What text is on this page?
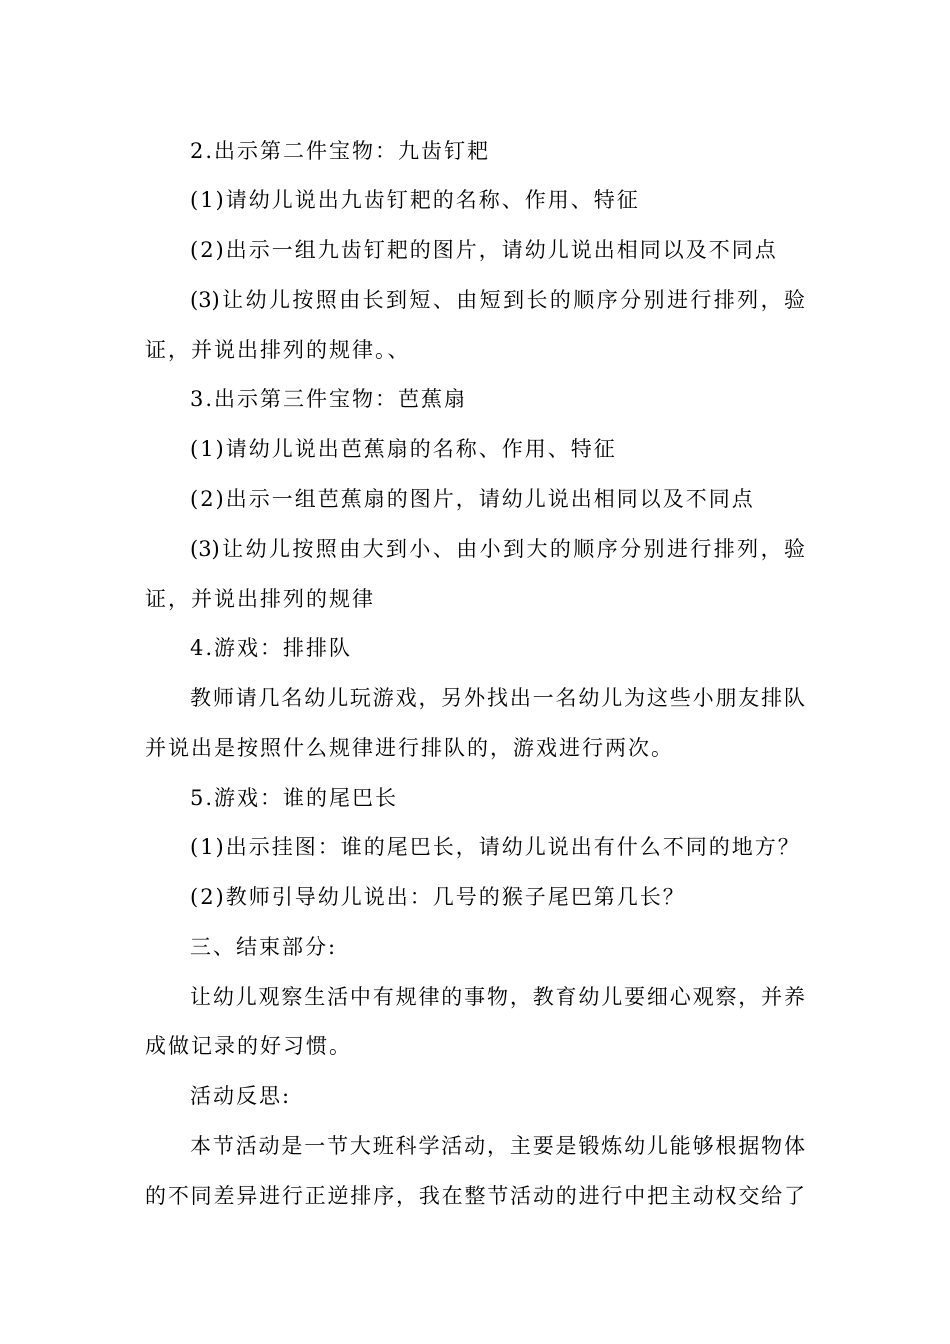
2.出示第二件宝物：九齿钉耙
(1)请幼儿说出九齿钉耙的名称、作用、特征
(2)出示一组九齿钉耙的图片，请幼儿说出相同以及不同点
(3)让幼儿按照由长到短、由短到长的顺序分别进行排列，验
证，并说出排列的规律。、
3.出示第三件宝物：芭蕉扇
(1)请幼儿说出芭蕉扇的名称、作用、特征
(2)出示一组芭蕉扇的图片，请幼儿说出相同以及不同点
(3)让幼儿按照由大到小、由小到大的顺序分别进行排列，验
证，并说出排列的规律
4.游戏：排排队
教师请几名幼儿玩游戏，另外找出一名幼儿为这些小朋友排队
并说出是按照什么规律进行排队的，游戏进行两次。
5.游戏：谁的尾巴长
(1)出示挂图：谁的尾巴长，请幼儿说出有什么不同的地方？
(2)教师引导幼儿说出：几号的猴子尾巴第几长？
三、结束部分:
让幼儿观察生活中有规律的事物，教育幼儿要细心观察，并养
成做记录的好习惯。
活动反思:
本节活动是一节大班科学活动，主要是锻炼幼儿能够根据物体
的不同差异进行正逆排序，我在整节活动的进行中把主动权交给了
